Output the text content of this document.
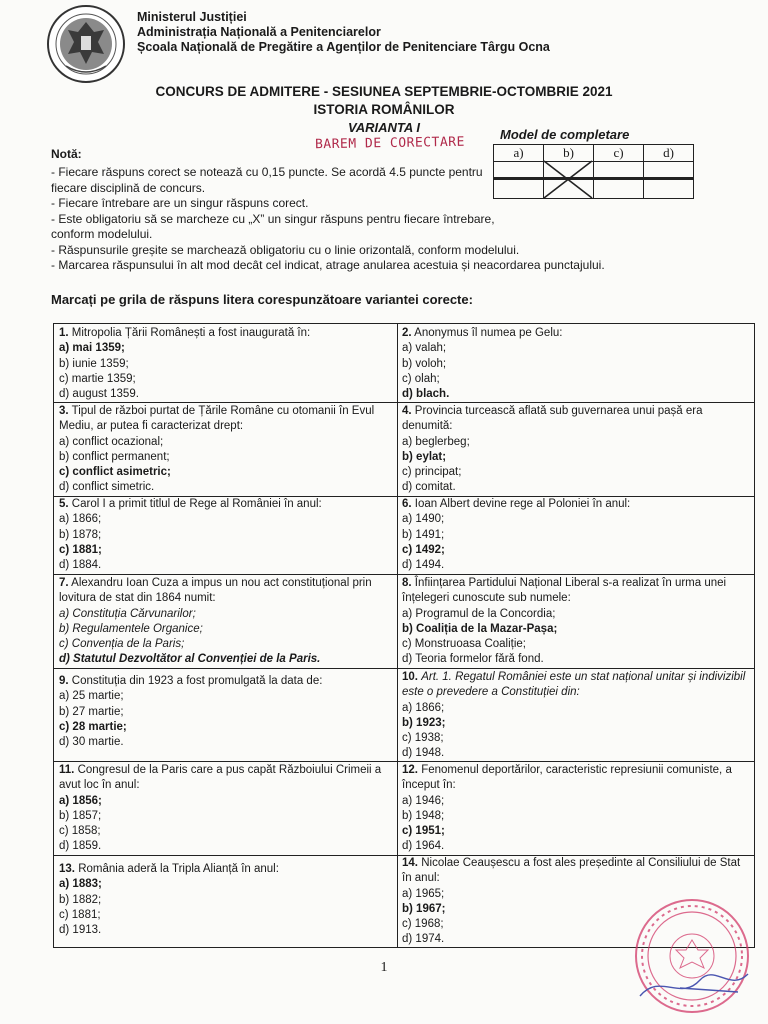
Ministerul Justiției
Administrația Națională a Penitenciarelor
Școala Națională de Pregătire a Agenților de Penitenciare Târgu Ocna
CONCURS DE ADMITERE - SESIUNEA SEPTEMBRIE-OCTOMBRIE 2021
ISTORIA ROMÂNILOR
VARIANTA I
BAREM DE CORECTARE
Model de completare
a)	b)	c)	d)

Notă:
- Fiecare răspuns corect se notează cu 0,15 puncte. Se acordă 4.5 puncte pentru
fiecare disciplină de concurs.
- Fiecare întrebare are un singur răspuns corect.
- Este obligatoriu să se marcheze cu „X” un singur răspuns pentru fiecare întrebare,
conform modelului.
- Răspunsurile greșite se marchează obligatoriu cu o linie orizontală, conform modelului.
- Marcarea răspunsului în alt mod decât cel indicat, atrage anularea acestuia și neacordarea punctajului.
Marcați pe grila de răspuns litera corespunzătoare variantei corecte:
1. Mitropolia Țării Românești a fost inaugurată în:
a) mai 1359;
b) iunie 1359;
c) martie 1359;
d) august 1359.
2. Anonymus îl numea pe Gelu:
a) valah;
b) voloh;
c) olah;
d) blach.
3. Tipul de război purtat de Țările Române cu otomanii în Evul Mediu, ar putea fi caracterizat drept:
a) conflict ocazional;
b) conflict permanent;
c) conflict asimetric;
d) conflict simetric.
4. Provincia turcească aflată sub guvernarea unui pașă era denumită:
a) beglerbeg;
b) eylat;
c) principat;
d) comitat.
5. Carol I a primit titlul de Rege al României în anul:
a) 1866;
b) 1878;
c) 1881;
d) 1884.
6. Ioan Albert devine rege al Poloniei în anul:
a) 1490;
b) 1491;
c) 1492;
d) 1494.
7. Alexandru Ioan Cuza a impus un nou act constituțional prin lovitura de stat din 1864 numit:
a) Constituția Cărvunarilor;
b) Regulamentele Organice;
c) Convenția de la Paris;
d) Statutul Dezvoltător al Convenției de la Paris.
8. Înființarea Partidului Național Liberal s-a realizat în urma unei înțelegeri cunoscute sub numele:
a) Programul de la Concordia;
b) Coaliția de la Mazar-Pașa;
c) Monstruoasa Coaliție;
d) Teoria formelor fără fond.
9. Constituția din 1923 a fost promulgată la data de:
a) 25 martie;
b) 27 martie;
c) 28 martie;
d) 30 martie.
10. Art. 1. Regatul României este un stat național unitar și indivizibil este o prevedere a Constituției din:
a) 1866;
b) 1923;
c) 1938;
d) 1948.
11. Congresul de la Paris care a pus capăt Războiului Crimeii a avut loc în anul:
a) 1856;
b) 1857;
c) 1858;
d) 1859.
12. Fenomenul deportărilor, caracteristic represiunii comuniste, a început în:
a) 1946;
b) 1948;
c) 1951;
d) 1964.
13. România aderă la Tripla Alianță în anul:
a) 1883;
b) 1882;
c) 1881;
d) 1913.
14. Nicolae Ceaușescu a fost ales președinte al Consiliului de Stat în anul:
a) 1965;
b) 1967;
c) 1968;
d) 1974.
1
